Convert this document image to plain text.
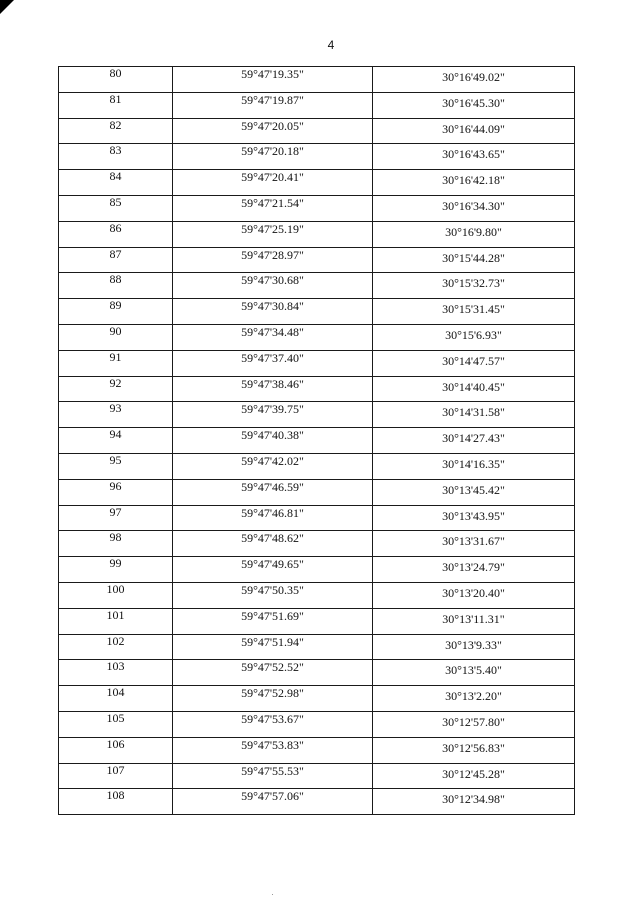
4
80	59°47'19.35"	30°16'49.02"

81	59°47'19.87"	30°16'45.30"

82	59°47'20.05"	30°16'44.09"

83	59°47'20.18"	30°16'43.65"

84	59°47'20.41"	30°16'42.18"

85	59°47'21.54"	30°16'34.30"

86	59°47'25.19"	30°16'9.80"

87	59°47'28.97"	30°15'44.28"

88	59°47'30.68"	30°15'32.73"

89	59°47'30.84"	30°15'31.45"

90	59°47'34.48"	30°15'6.93"

91	59°47'37.40"	30°14'47.57"

92	59°47'38.46"	30°14'40.45"

93	59°47'39.75"	30°14'31.58"

94	59°47'40.38"	30°14'27.43"

95	59°47'42.02"	30°14'16.35"

96	59°47'46.59"	30°13'45.42"

97	59°47'46.81"	30°13'43.95"

98	59°47'48.62"	30°13'31.67"

99	59°47'49.65"	30°13'24.79"

100	59°47'50.35"	30°13'20.40"

101	59°47'51.69"	30°13'11.31"

102	59°47'51.94"	30°13'9.33"

103	59°47'52.52"	30°13'5.40"

104	59°47'52.98"	30°13'2.20"

105	59°47'53.67"	30°12'57.80"

106	59°47'53.83"	30°12'56.83"

107	59°47'55.53"	30°12'45.28"

108	59°47'57.06"	30°12'34.98"
